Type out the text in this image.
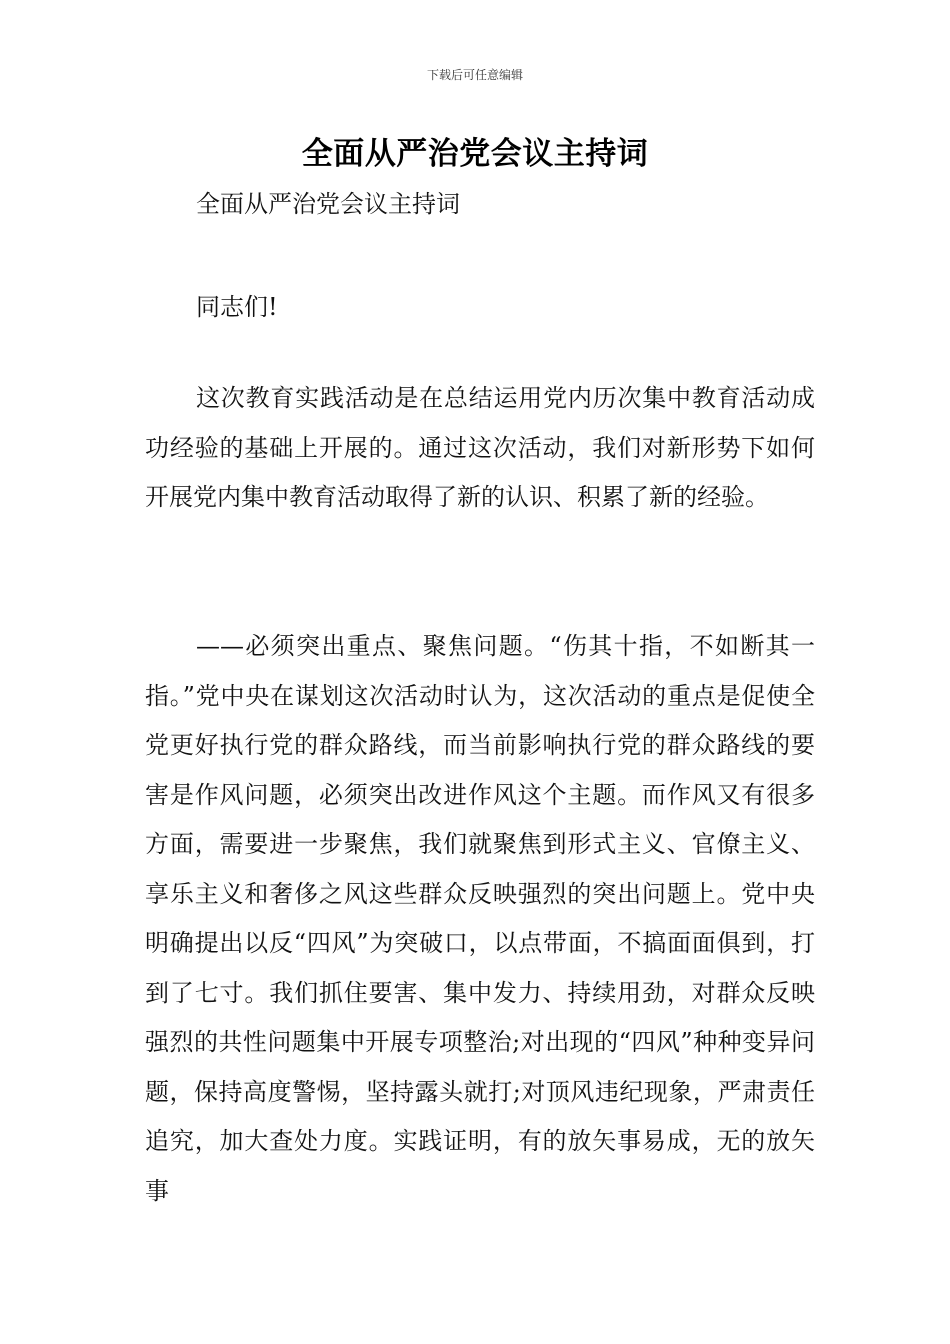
下载后可任意编辑
全面从严治党会议主持词

全面从严治党会议主持词

同志们!

这次教育实践活动是在总结运用党内历次集中教育活动成功经验的基础上开展的。通过这次活动，我们对新形势下如何开展党内集中教育活动取得了新的认识、积累了新的经验。

——必须突出重点、聚焦问题。“伤其十指，不如断其一指。”党中央在谋划这次活动时认为，这次活动的重点是促使全党更好执行党的群众路线，而当前影响执行党的群众路线的要害是作风问题，必须突出改进作风这个主题。而作风又有很多方面，需要进一步聚焦，我们就聚焦到形式主义、官僚主义、享乐主义和奢侈之风这些群众反映强烈的突出问题上。党中央明确提出以反“四风”为突破口，以点带面，不搞面面俱到，打到了七寸。我们抓住要害、集中发力、持续用劲，对群众反映强烈的共性问题集中开展专项整治;对出现的“四风”种种变异问题，保持高度警惕，坚持露头就打;对顶风违纪现象，严肃责任追究，加大查处力度。实践证明，有的放矢事易成，无的放矢事
